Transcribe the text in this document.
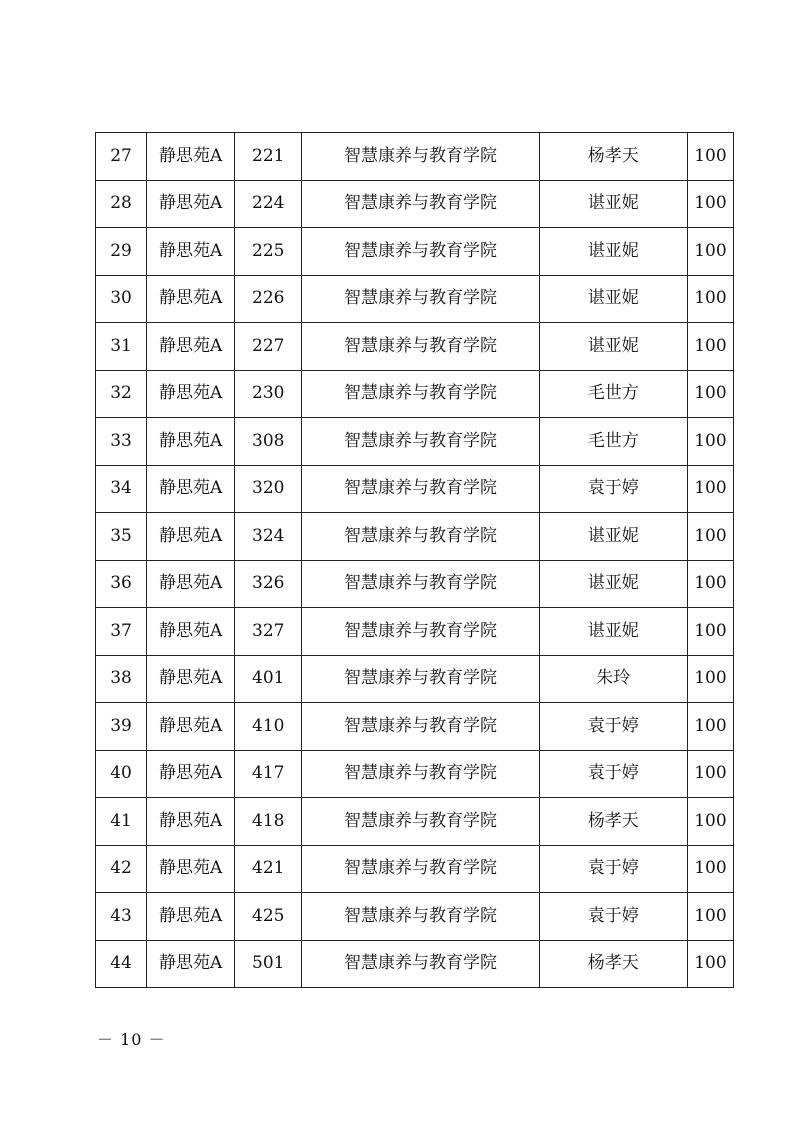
27	静思苑A	221	智慧康养与教育学院	杨孝天	100
28	静思苑A	224	智慧康养与教育学院	谌亚妮	100
29	静思苑A	225	智慧康养与教育学院	谌亚妮	100
30	静思苑A	226	智慧康养与教育学院	谌亚妮	100
31	静思苑A	227	智慧康养与教育学院	谌亚妮	100
32	静思苑A	230	智慧康养与教育学院	毛世方	100
33	静思苑A	308	智慧康养与教育学院	毛世方	100
34	静思苑A	320	智慧康养与教育学院	袁于婷	100
35	静思苑A	324	智慧康养与教育学院	谌亚妮	100
36	静思苑A	326	智慧康养与教育学院	谌亚妮	100
37	静思苑A	327	智慧康养与教育学院	谌亚妮	100
38	静思苑A	401	智慧康养与教育学院	朱玲	100
39	静思苑A	410	智慧康养与教育学院	袁于婷	100
40	静思苑A	417	智慧康养与教育学院	袁于婷	100
41	静思苑A	418	智慧康养与教育学院	杨孝天	100
42	静思苑A	421	智慧康养与教育学院	袁于婷	100
43	静思苑A	425	智慧康养与教育学院	袁于婷	100
44	静思苑A	501	智慧康养与教育学院	杨孝天	100
－ 10 －
